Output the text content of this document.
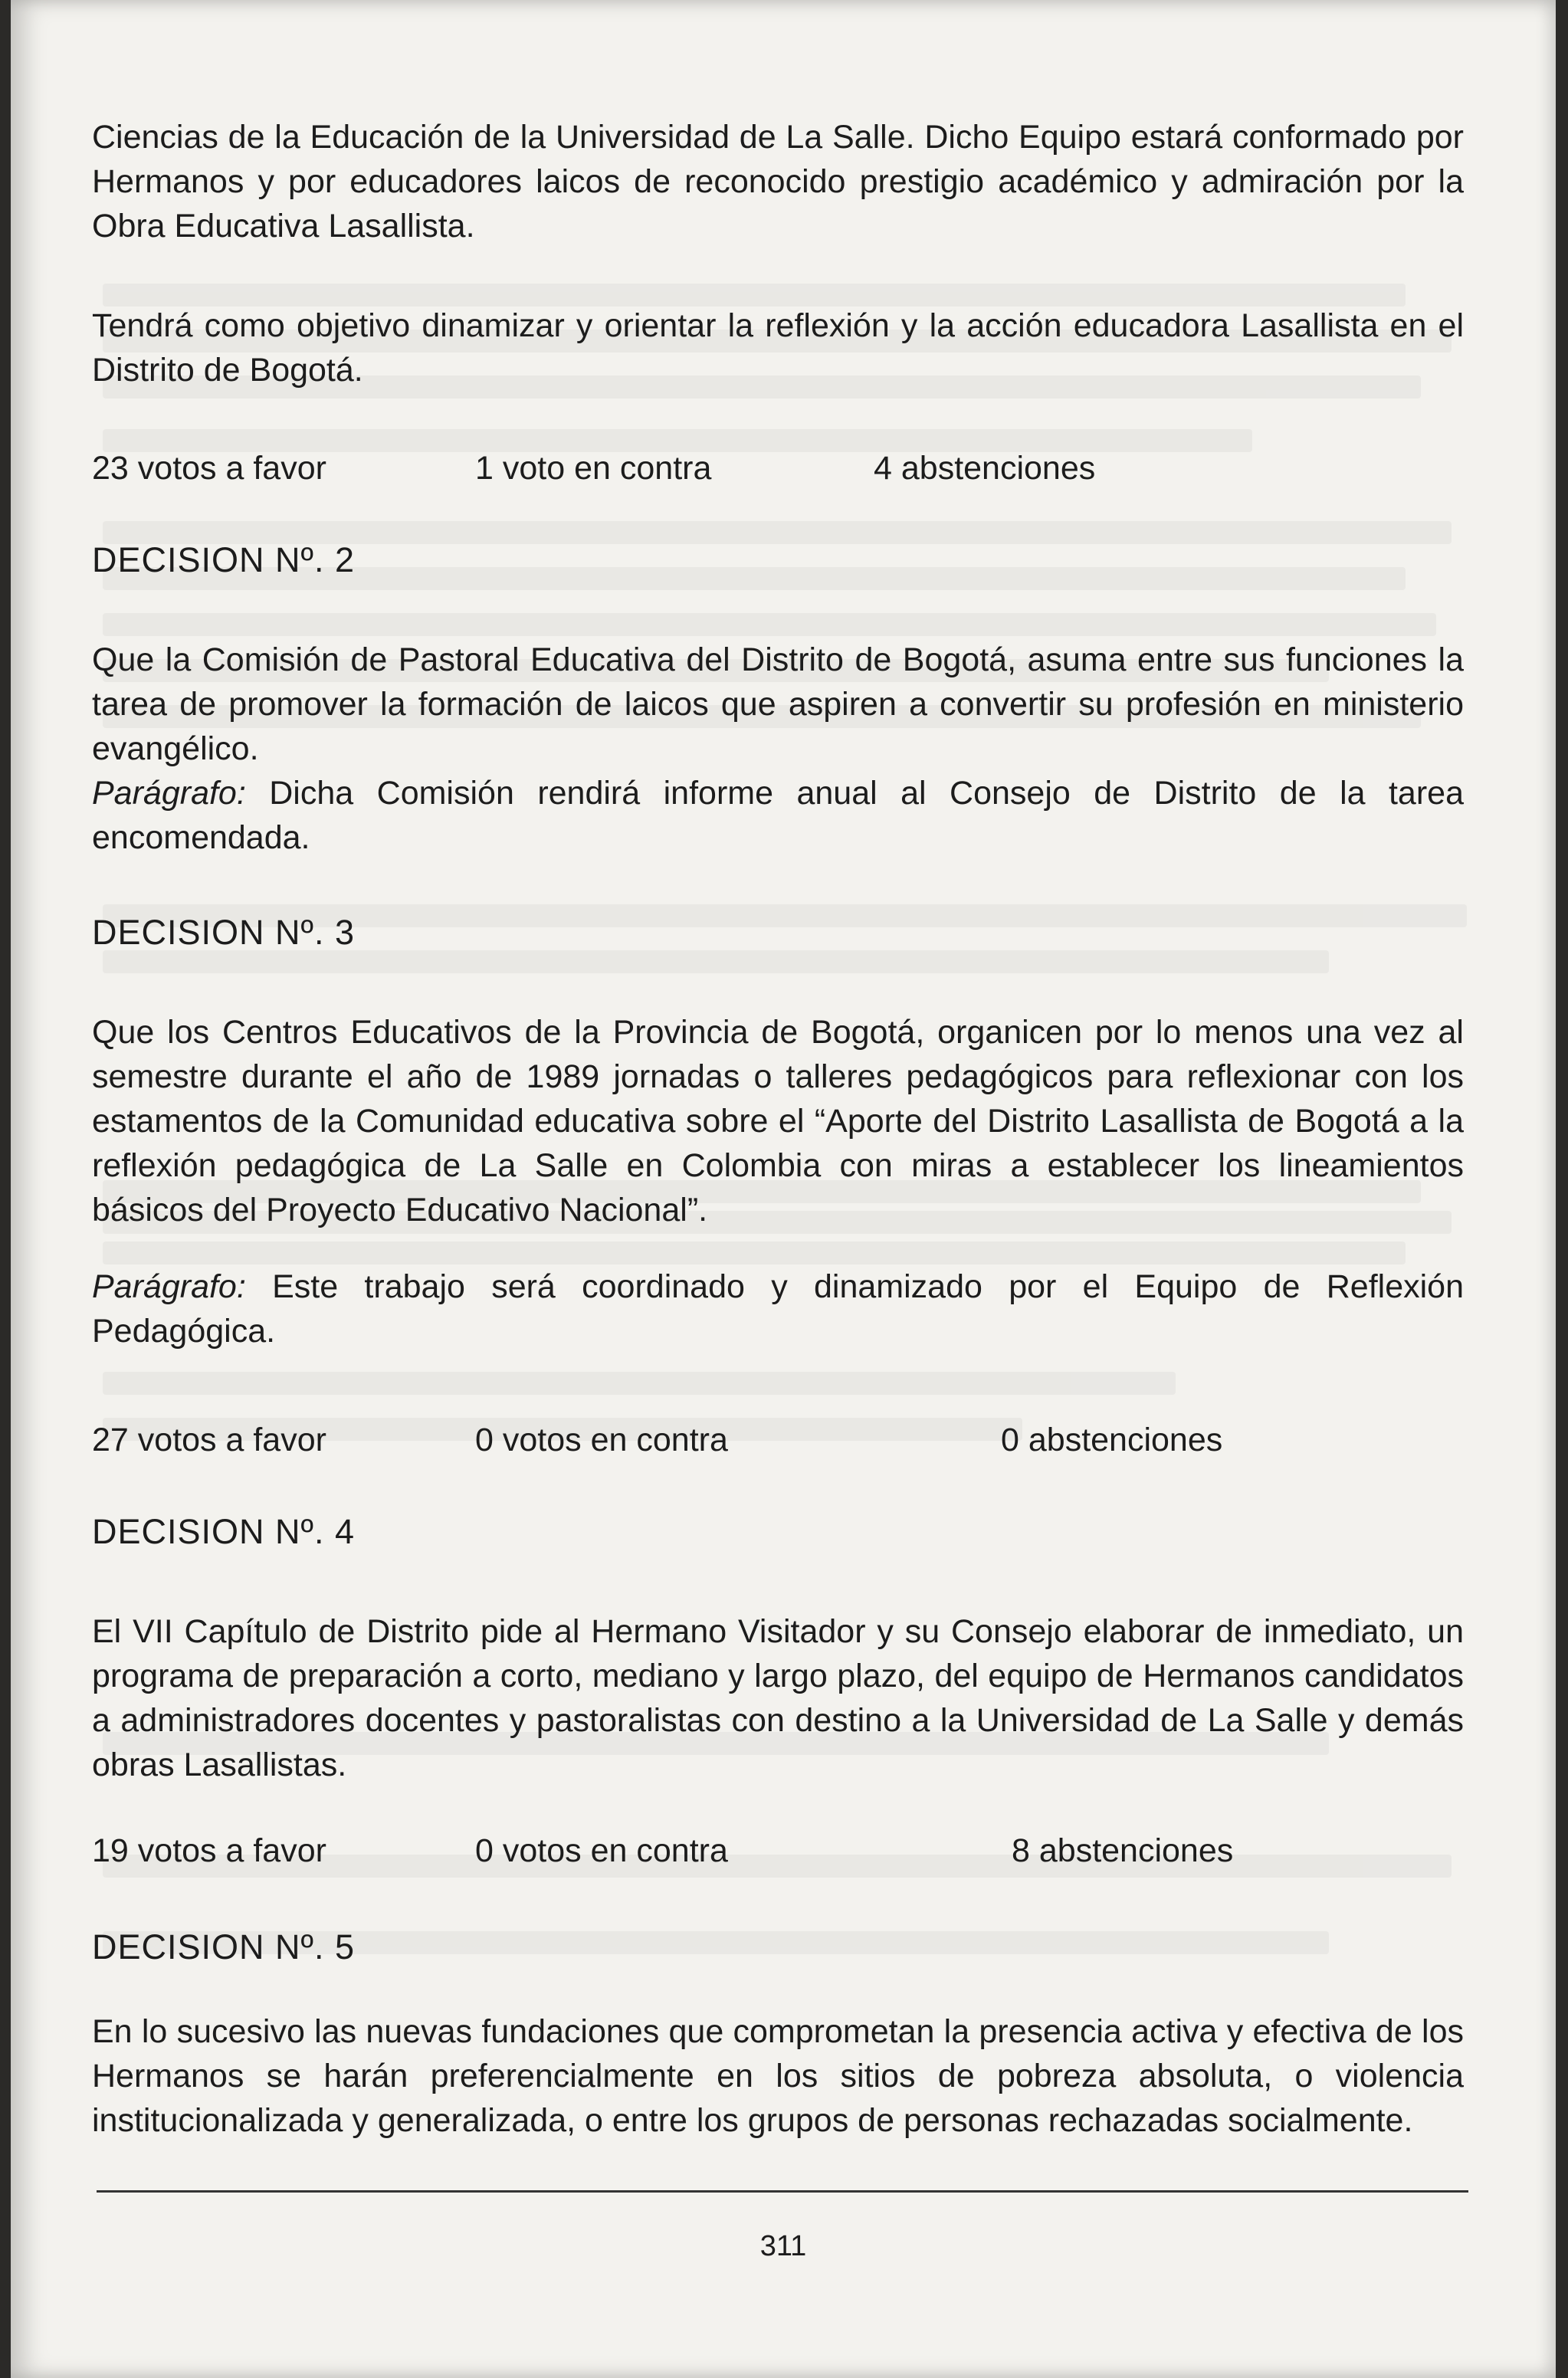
Ciencias de la Educación de la Universidad de La Salle. Dicho Equipo estará conformado por Hermanos y por educadores laicos de reconocido prestigio académico y admiración por la Obra Educativa Lasallista.

Tendrá como objetivo dinamizar y orientar la reflexión y la acción educadora Lasallista en el Distrito de Bogotá.

23 votos a favor	1 voto en contra	4 abstenciones
DECISION Nº. 2

Que la Comisión de Pastoral Educativa del Distrito de Bogotá, asuma entre sus funciones la tarea de promover la formación de laicos que aspiren a convertir su profesión en ministerio evangélico.

Parágrafo: Dicha Comisión rendirá informe anual al Consejo de Distrito de la tarea encomendada.

DECISION Nº. 3

Que los Centros Educativos de la Provincia de Bogotá, organicen por lo menos una vez al semestre durante el año de 1989 jornadas o talleres pedagógicos para reflexionar con los estamentos de la Comunidad educativa sobre el “Aporte del Distrito Lasallista de Bogotá a la reflexión pedagógica de La Salle en Colombia con miras a establecer los lineamientos básicos del Proyecto Educativo Nacional”.

Parágrafo: Este trabajo será coordinado y dinamizado por el Equipo de Reflexión Pedagógica.

27 votos a favor	0 votos en contra	0 abstenciones
DECISION Nº. 4

El VII Capítulo de Distrito pide al Hermano Visitador y su Consejo elaborar de inmediato, un programa de preparación a corto, mediano y largo plazo, del equipo de Hermanos candidatos a administradores docentes y pastoralistas con destino a la Universidad de La Salle y demás obras Lasallistas.

19 votos a favor	0 votos en contra	8 abstenciones
DECISION Nº. 5

En lo sucesivo las nuevas fundaciones que comprometan la presencia activa y efectiva de los Hermanos se harán preferencialmente en los sitios de pobreza absoluta, o violencia institucionalizada y generalizada, o entre los grupos de personas rechazadas socialmente.

311
